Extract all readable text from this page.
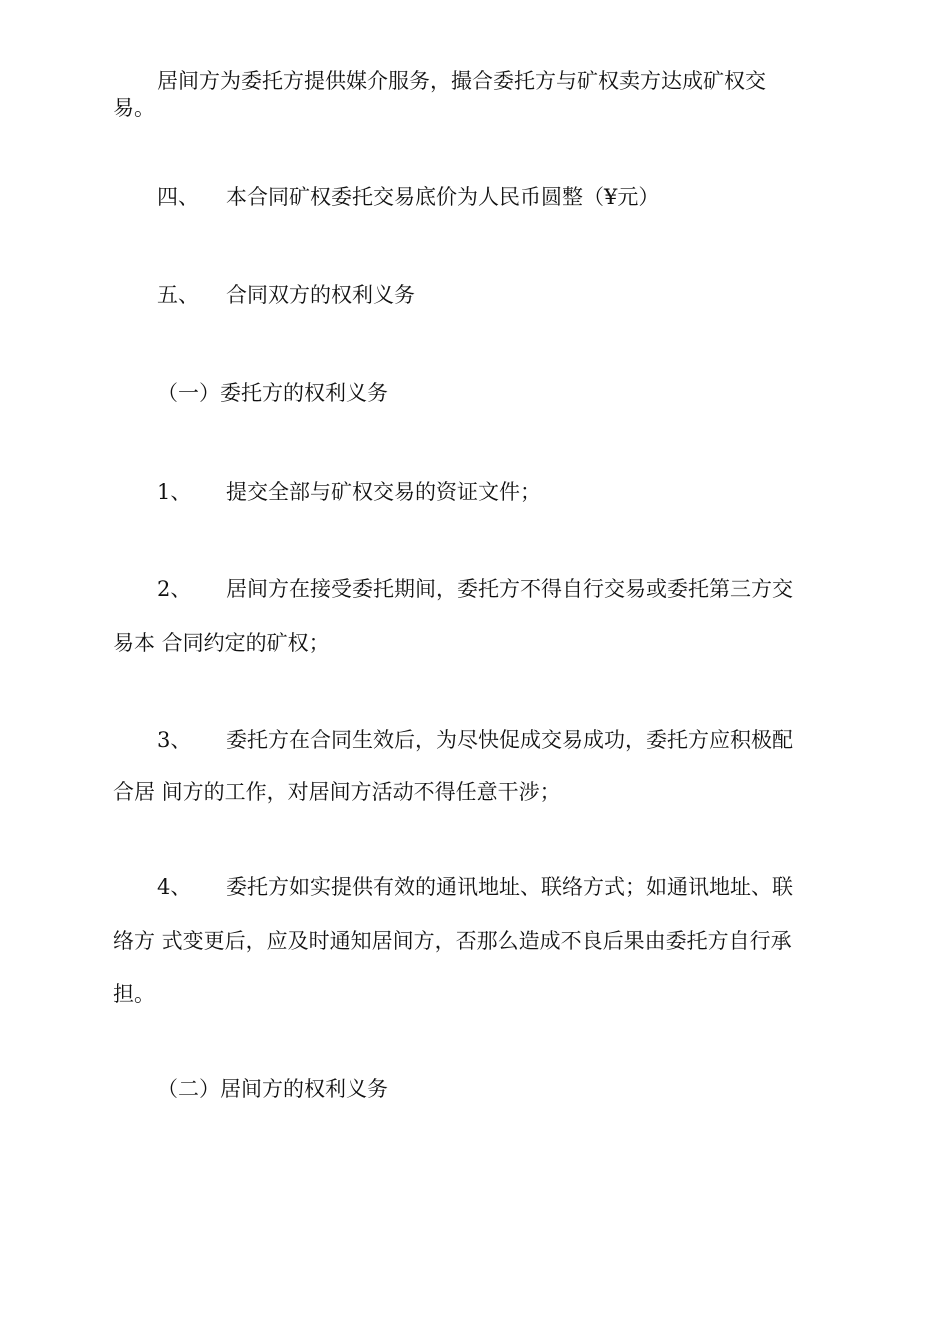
居间方为委托方提供媒介服务，撮合委托方与矿权卖方达成矿权交
易。
四、 本合同矿权委托交易底价为人民币圆整（¥元）
五、 合同双方的权利义务
（一）委托方的权利义务
1、 提交全部与矿权交易的资证文件；
2、 居间方在接受委托期间，委托方不得自行交易或委托第三方交
易本 合同约定的矿权；
3、 委托方在合同生效后，为尽快促成交易成功，委托方应积极配
合居 间方的工作，对居间方活动不得任意干涉；
4、 委托方如实提供有效的通讯地址、联络方式；如通讯地址、联
络方 式变更后，应及时通知居间方，否那么造成不良后果由委托方自行承
担。
（二）居间方的权利义务
